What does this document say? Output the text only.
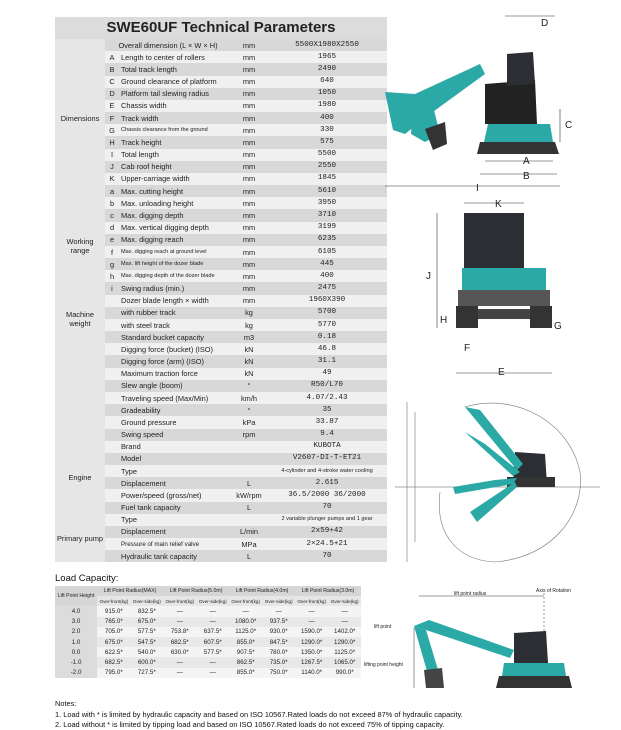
SWE60UF Technical Parameters
	Overall dimension (L × W × H)		mm	5500X1980X2550
Dimensions	A	Length to center of rollers	mm	1965
	B	Total track length	mm	2490
	C	Ground clearance of platform	mm	640
	D	Platform tail slewing radius	mm	1050
	E	Chassis width	mm	1980
	F	Track width	mm	400
	G	Chassis clearance from the ground	mm	330
	H	Track height	mm	575
	I	Total length	mm	5500
	J	Cab roof height	mm	2550
	K	Upper-carriage width	mm	1845
Working range	a	Max. cutting height	mm	5610
	b	Max. unloading height	mm	3950
	c	Max. digging depth	mm	3710
	d	Max. vertical digging depth	mm	3199
	e	Max. digging reach	mm	6235
	f	Max. digging reach at ground level	mm	6105
	g	Max. lift height of the dozer blade	mm	445
	h	Max. digging depth of the dozer blade	mm	400
	i	Swing radius (min.)	mm	2475
		Dozer blade length × width	mm	1960X390
Machine weight		with rubber track	kg	5700
		with steel track	kg	5770
		Standard bucket capacity	m3	0.18
		Digging force (bucket) (ISO)	kN	46.8
		Digging force (arm) (ISO)	kN	31.1
		Maximum traction force	kN	49
		Slew angle (boom)	°	R50/L70
		Traveling speed (Max/Min)	km/h	4.07/2.43
		Gradeability	°	35
		Ground pressure	kPa	33.87
		Swing speed	rpm	9.4
Engine		Brand		KUBOTA
		Model		V2607-DI-T-ET21
		Type		4-cylinder and 4-stroke water cooling
		Displacement	L	2.615
		Power/speed (gross/net)	kW/rpm	36.5/2000 36/2000
		Fuel tank capacity	L	70
Primary pump		Type		2 variable plunger pumps and 1 gear
		Displacement	L/min	2x59+42
		Pressure of main relief valve	MPa	2×24.5+21
		Hydraulic tank capacity	L	70
D
C
A
B
I
K
J
H
G
F
E
lift point radius	Axis of Rotation
lift point
lifting point height
Load Capacity:
Lift Point Height	Lift Point Radius(MAX)		Lift Point Radius(5.0m)		Lift Point Radius(4.0m)		Lift Point Radius(3.0m)	
	Over-front(kg)	Over-side(kg)	Over-front(kg)	Over-side(kg)	Over-front(kg)	Over-side(kg)	Over-front(kg)	Over-side(kg)
4.0	915.0*	832.5*	—	—	—	—	—	—
3.0	765.0*	675.0*	—	—	1080.0*	937.5*	—	—
2.0	705.0*	577.5*	753.8*	637.5*	1125.0*	930.0*	1590.0*	1402.0*
1.0	675.0*	547.5*	682.5*	607.5*	855.0*	847.5*	1290.0*	1290.0*
0.0	622.5*	540.0*	630.0*	577.5*	907.5*	780.0*	1350.0*	1125.0*
-1.0	682.5*	600.0*	—	—	862.5*	735.0*	1267.5*	1065.0*
-2.0	795.0*	727.5*	—	—	855.0*	750.0*	1140.0*	990.0*
Notes:
1. Load with * is limited by hydraulic capacity and based on ISO 10567.Rated loads do not exceed 87% of hydraulic capacity.
2. Load without * is limited by tipping load and based on ISO 10567.Rated loads do not exceed 75% of tipping capacity.
